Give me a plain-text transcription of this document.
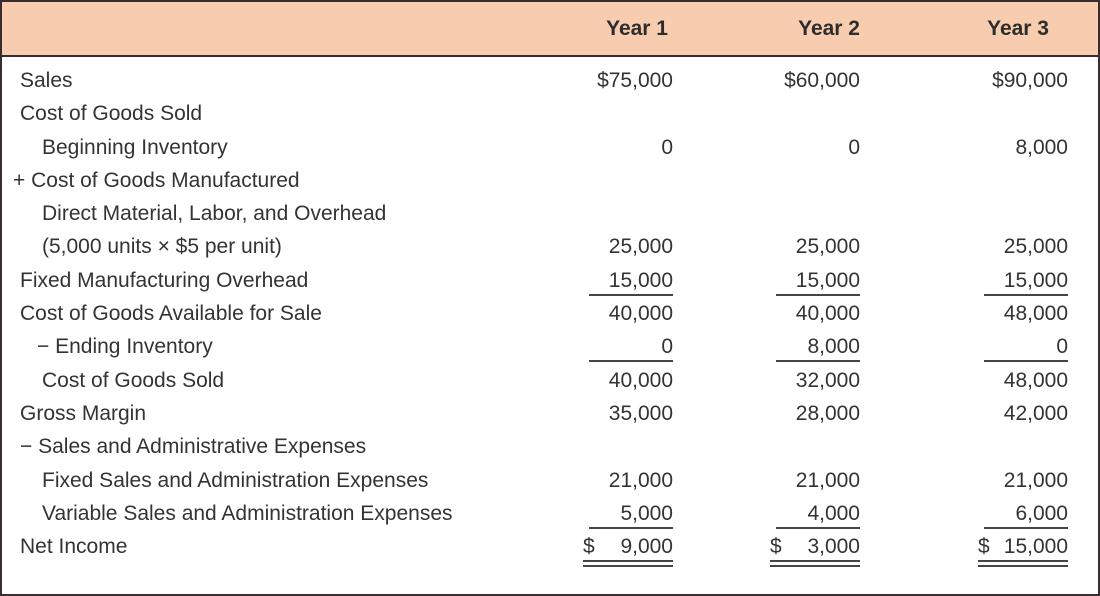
Year 1	Year 2	Year 3
Sales	$75,000	$60,000	$90,000
Cost of Goods Sold
Beginning Inventory	0	0	8,000
+ Cost of Goods Manufactured
Direct Material, Labor, and Overhead
(5,000 units × $5 per unit)	25,000	25,000	25,000
Fixed Manufacturing Overhead	15,000	15,000	15,000
Cost of Goods Available for Sale	40,000	40,000	48,000
− Ending Inventory	0	8,000	0
Cost of Goods Sold	40,000	32,000	48,000
Gross Margin	35,000	28,000	42,000
− Sales and Administrative Expenses
Fixed Sales and Administration Expenses	21,000	21,000	21,000
Variable Sales and Administration Expenses	5,000	4,000	6,000
Net Income	$ 9,000	$ 3,000	$ 15,000
